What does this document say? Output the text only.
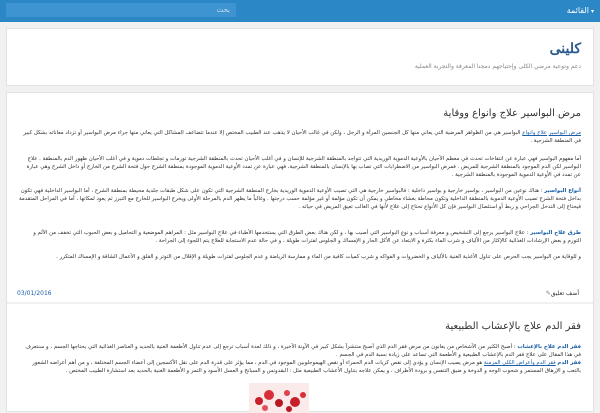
بحث
القائمة ▾
كلينى
دعم وتوعية مرضي الكلى وإحتياجهم دمجنا المعرفة والتجربة العملية
مرض البواسير علاج وانواع ووقاية
مرض البواسير علاج وانواع البواسير هي من الظواهر المرضية التي يعاني منها كل الجنسين المرأة و الرجل ، ولكن في غالب الأحيان لا يذهب عند الطبيب المختص إلا عندما تتضاعف المشاكل التي يعاني منها جراء مرض البواسير أو تزداد معاناته بشكل كبير في المنطقة الشرجية .
أما مفهوم البواسير فهي عبارة عن انتفاخات تحدث في معظم الأحيان بالأوعية الدموية الوريدية التي تتواجد بالمنطقة الشرجية للإنسان و في أغلب الأحيان تحدث بالمنطقة الشرجية تورمات و تجلطات دموية و في أغلب الأحيان ظهور الدم بالمنطقة . علاج البواسير لكن الدم الموجود بالمنطقة الشرجية للمريض . فمرض البواسير من الاضطرابات التي تصاب بها بالإنسان بالمنطقة الشرجية، فهي عبارة عن تمدد الأوعية الدموية الموجودة بمنطقة الشرج حول فتحة الشرج من الخارج أو داخل الشرج وهي عبارة عن تمدد في الأوعية الدموية الموجودة بالمنطقة الشرجية .
أنواع البواسير : هناك نوعين من البواسير ، بواسير خارجية و بواسير داخلية : فالبواسير خارجية هي التي تصيب الأوعية الدموية الوريدية بخارج المنطقة الشرجية التي تكون على شكل طبقات جلدية محيطة بمنطقة الشرج ، أما البواسير الداخلية فهي تكون بداخل فتحة الشرج تصيب الأوعية الدموية بالمنطقة الداخلية وتكون محاطة بغشاء مخاطي و يمكن أن تكون مؤلمة أو غير مؤلمة حسب درجتها . وغالباً ما يظهر الدم بالمرحلة الأولى ويخرج البواسير للخارج مع التبرز ثم يعود لمكانها ، أما في المراحل المتقدمة فيحتاج إلى التدخل الجراحي و ربط أو استئصال البواسير فإن كل الأنواع تحتاج إلى علاج لأنها في الغالب تعيق المريض في حياته .
طرق علاج البواسير : علاج البواسير يرجع إلى التشخيص و معرفة أسباب و نوع البواسير التي أصيب بها ، و لكن هناك بعض الطرق التي يستخدمها الأطباء في علاج البواسير مثل : المراهم الموضعية و التحاميل و بعض الحبوب التي تخفف من الألم و التورم و بعض الإرشادات الغذائية كالإكثار من الألياف و شرب الماء بكثرة و الابتعاد عن الأكل الحار و الإمساك و الجلوس لفترات طويلة ، و في حالة عدم الاستجابة للعلاج يتم اللجوء إلى الجراحة .
و للوقاية من البواسير يجب الحرص على تناول الأغذية الغنية بالألياف و الخضروات و الفواكه و شرب كميات كافية من الماء و ممارسة الرياضة و عدم الجلوس لفترات طويلة و الإقلال من التوتر و القلق و الأعمال الشاقة و الإمساك المتكرر .
03/01/2016	✎أضف تعليق
فقر الدم علاج بالإعشاب الطبيعية
فقر الدم علاج بالإعشاب : أصبح الكثير من الأشخاص من يعانون من مرض فقر الدم الذي أصبح منتشراً بشكل كبير في الآونة الأخيرة ، و ذلك لعدة أسباب ترجع إلى عدم تناول الأطعمة الغنية بالحديد و العناصر الغذائية التي يحتاجها الجسم ، و سنتعرف في هذا المقال على علاج فقر الدم بالإعشاب الطبيعية و الأطعمة التي تساعد على زيادة نسبة الدم في الجسم .
فقر الدم فقر الدم وأعراض الكلى المزمنة هو مرض يصيب الإنسان و يؤدي إلى نقص كريات الدم الحمراء أو نقص الهيموجلوبين الموجود في الدم ، مما يؤثر على قدرة الدم على نقل الأكسجين إلى أعضاء الجسم المختلفة ، و من أهم أعراضه الشعور بالتعب و الإرهاق المستمر و شحوب الوجه و الدوخة و ضيق التنفس و برودة الأطراف ، و يمكن علاجه بتناول الأعشاب الطبيعية مثل : البقدونس و السبانخ و العسل الأسود و التمر و الأطعمة الغنية بالحديد بعد استشارة الطبيب المختص .
